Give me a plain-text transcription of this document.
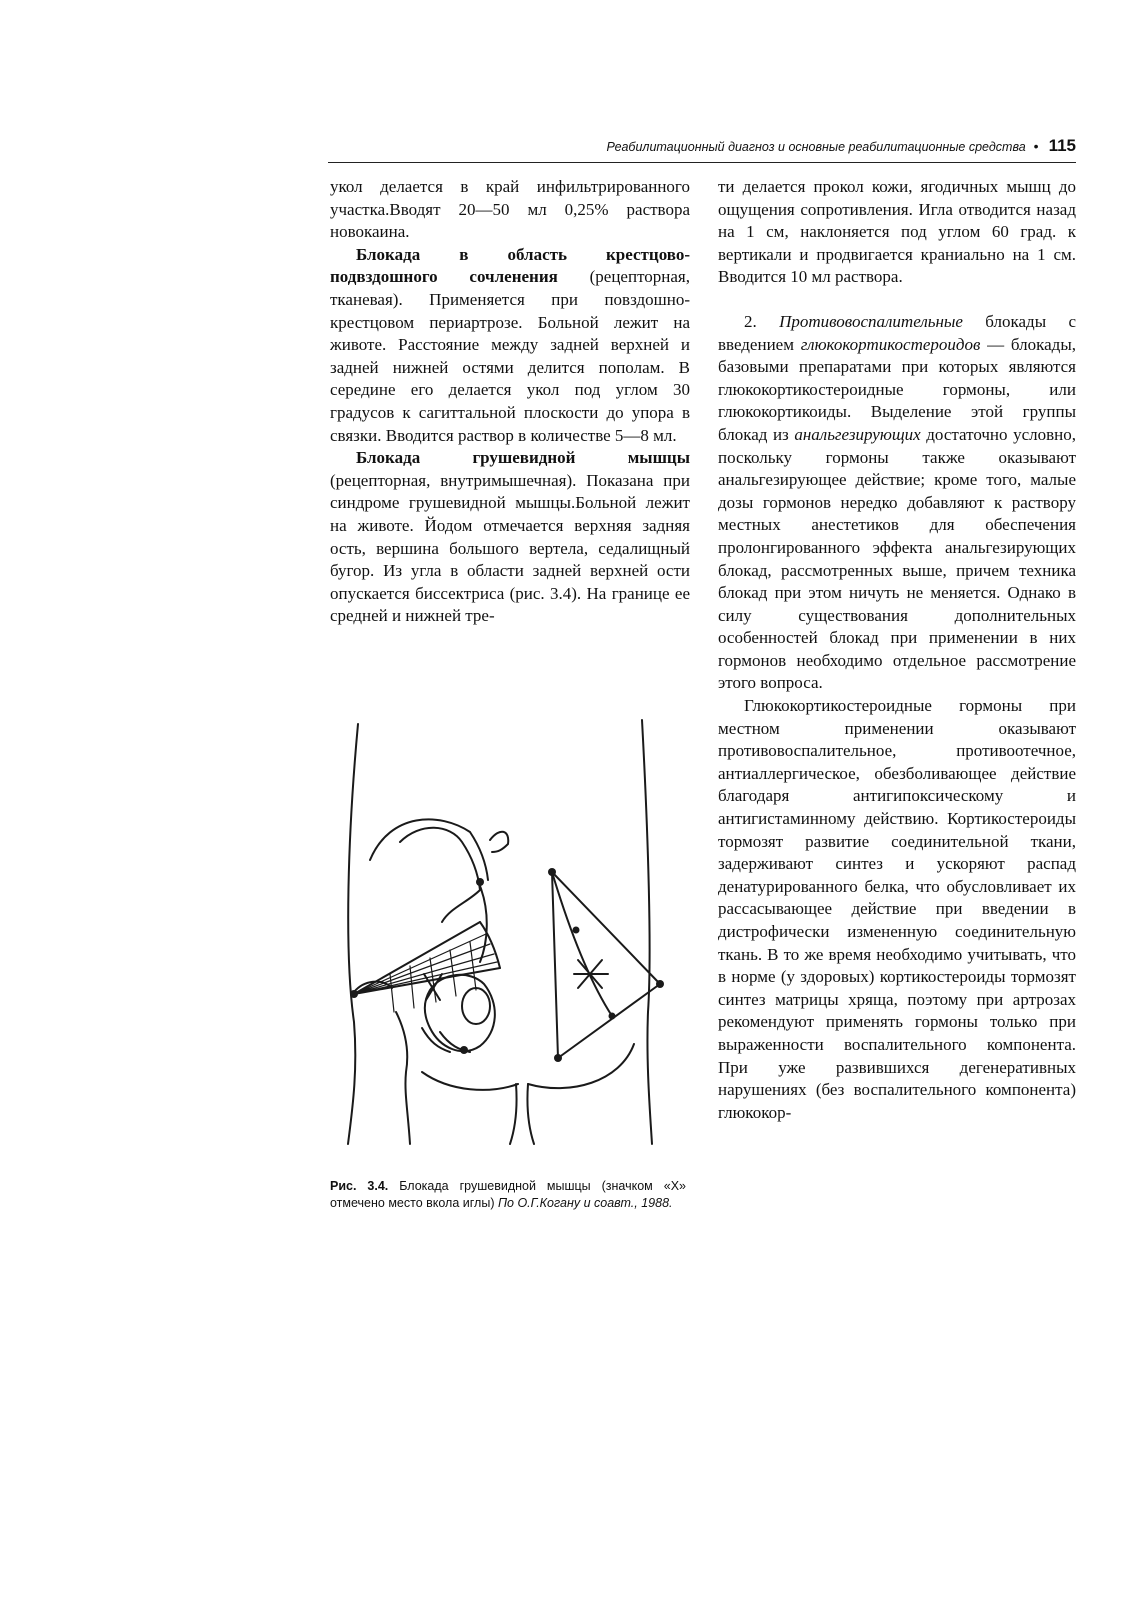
Реабилитационный диагноз и основные реабилитационные средства • 115

укол делается в край инфильтрированного участка.Вводят 20—50 мл 0,25% раствора новокаина.

Блокада в область крестцово-подвздошного сочленения (рецепторная, тканевая). Применяется при повздошно-крестцовом периартрозе. Больной лежит на животе. Расстояние между задней верхней и задней нижней остями делится пополам. В середине его делается укол под углом 30 градусов к сагиттальной плоскости до упора в связки. Вводится раствор в количестве 5—8 мл.

Блокада грушевидной мышцы (рецепторная, внутримышечная). Показана при синдроме грушевидной мышцы.Больной лежит на животе. Йодом отмечается верхняя задняя ость, вершина большого вертела, седалищный бугор. Из угла в области задней верхней ости опускается биссектриса (рис. 3.4). На границе ее средней и нижней тре-

Рис. 3.4. Блокада грушевидной мышцы (значком «Х» отмечено место вкола иглы) По О.Г.Когану и соавт., 1988.

ти делается прокол кожи, ягодичных мышц до ощущения сопротивления. Игла отводится назад на 1 см, наклоняется под углом 60 град. к вертикали и продвигается краниально на 1 см. Вводится 10 мл раствора.

2. Противовоспалительные блокады с введением глюкокортикостероидов — блокады, базовыми препаратами при которых являются глюкокортикостероидные гормоны, или глюкокортикоиды. Выделение этой группы блокад из анальгезирующих достаточно условно, поскольку гормоны также оказывают анальгезирующее действие; кроме того, малые дозы гормонов нередко добавляют к раствору местных анестетиков для обеспечения пролонгированного эффекта анальгезирующих блокад, рассмотренных выше, причем техника блокад при этом ничуть не меняется. Однако в силу существования дополнительных особенностей блокад при применении в них гормонов необходимо отдельное рассмотрение этого вопроса.

Глюкокортикостероидные гормоны при местном применении оказывают противовоспалительное, противоотечное, антиаллергическое, обезболивающее действие благодаря антигипоксическому и антигистаминному действию. Кортикостероиды тормозят развитие соединительной ткани, задерживают синтез и ускоряют распад денатурированного белка, что обусловливает их рассасывающее действие при введении в дистрофически измененную соединительную ткань. В то же время необходимо учитывать, что в норме (у здоровых) кортикостероиды тормозят синтез матрицы хряща, поэтому при артрозах рекомендуют применять гормоны только при выраженности воспалительного компонента. При уже развившихся дегенеративных нарушениях (без воспалительного компонента) глюкокор-
